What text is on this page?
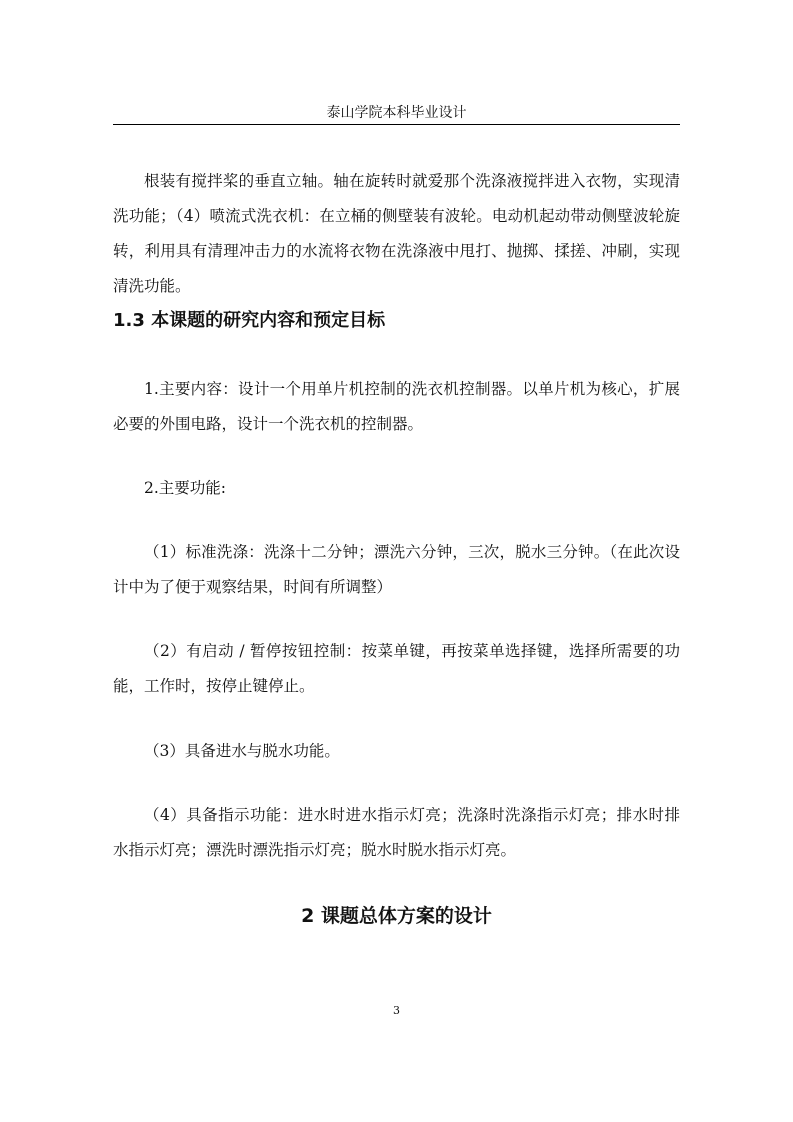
泰山学院本科毕业设计

根装有搅拌桨的垂直立轴。轴在旋转时就爱那个洗涤液搅拌进入衣物，实现清洗功能；（4）喷流式洗衣机：在立桶的侧壁装有波轮。电动机起动带动侧壁波轮旋转，利用具有清理冲击力的水流将衣物在洗涤液中甩打、抛掷、揉搓、冲刷，实现清洗功能。

1.3 本课题的研究内容和预定目标

1.主要内容：设计一个用单片机控制的洗衣机控制器。以单片机为核心，扩展必要的外围电路，设计一个洗衣机的控制器。

2.主要功能:

（1）标准洗涤：洗涤十二分钟；漂洗六分钟，三次，脱水三分钟。（在此次设计中为了便于观察结果，时间有所调整）

（2）有启动 / 暂停按钮控制：按菜单键，再按菜单选择键，选择所需要的功能，工作时，按停止键停止。

（3）具备进水与脱水功能。

（4）具备指示功能：进水时进水指示灯亮；洗涤时洗涤指示灯亮；排水时排水指示灯亮；漂洗时漂洗指示灯亮；脱水时脱水指示灯亮。

2 课题总体方案的设计
3
